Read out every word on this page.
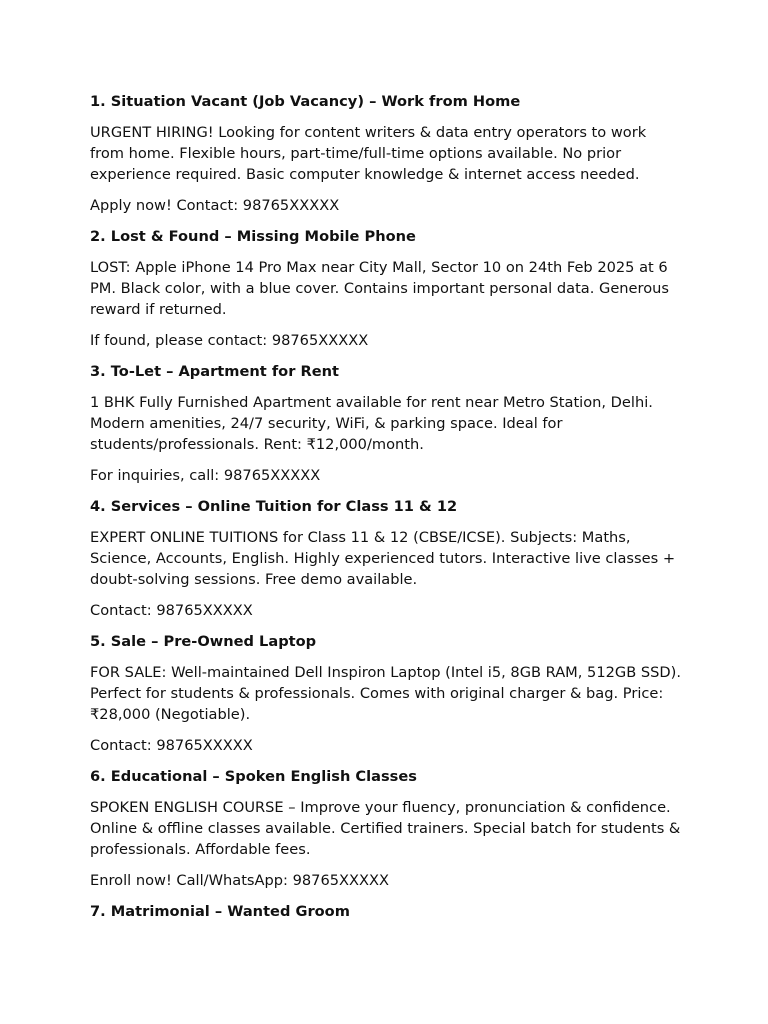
1. Situation Vacant (Job Vacancy) – Work from Home

URGENT HIRING! Looking for content writers & data entry operators to work from home. Flexible hours, part-time/full-time options available. No prior experience required. Basic computer knowledge & internet access needed.

Apply now! Contact: 98765XXXXX

2. Lost & Found – Missing Mobile Phone

LOST: Apple iPhone 14 Pro Max near City Mall, Sector 10 on 24th Feb 2025 at 6 PM. Black color, with a blue cover. Contains important personal data. Generous reward if returned.

If found, please contact: 98765XXXXX

3. To-Let – Apartment for Rent

1 BHK Fully Furnished Apartment available for rent near Metro Station, Delhi. Modern amenities, 24/7 security, WiFi, & parking space. Ideal for students/professionals. Rent: ₹12,000/month.

For inquiries, call: 98765XXXXX

4. Services – Online Tuition for Class 11 & 12

EXPERT ONLINE TUITIONS for Class 11 & 12 (CBSE/ICSE). Subjects: Maths, Science, Accounts, English. Highly experienced tutors. Interactive live classes + doubt-solving sessions. Free demo available.

Contact: 98765XXXXX

5. Sale – Pre-Owned Laptop

FOR SALE: Well-maintained Dell Inspiron Laptop (Intel i5, 8GB RAM, 512GB SSD). Perfect for students & professionals. Comes with original charger & bag. Price: ₹28,000 (Negotiable).

Contact: 98765XXXXX

6. Educational – Spoken English Classes

SPOKEN ENGLISH COURSE – Improve your fluency, pronunciation & confidence. Online & offline classes available. Certified trainers. Special batch for students & professionals. Affordable fees.

Enroll now! Call/WhatsApp: 98765XXXXX

7. Matrimonial – Wanted Groom
